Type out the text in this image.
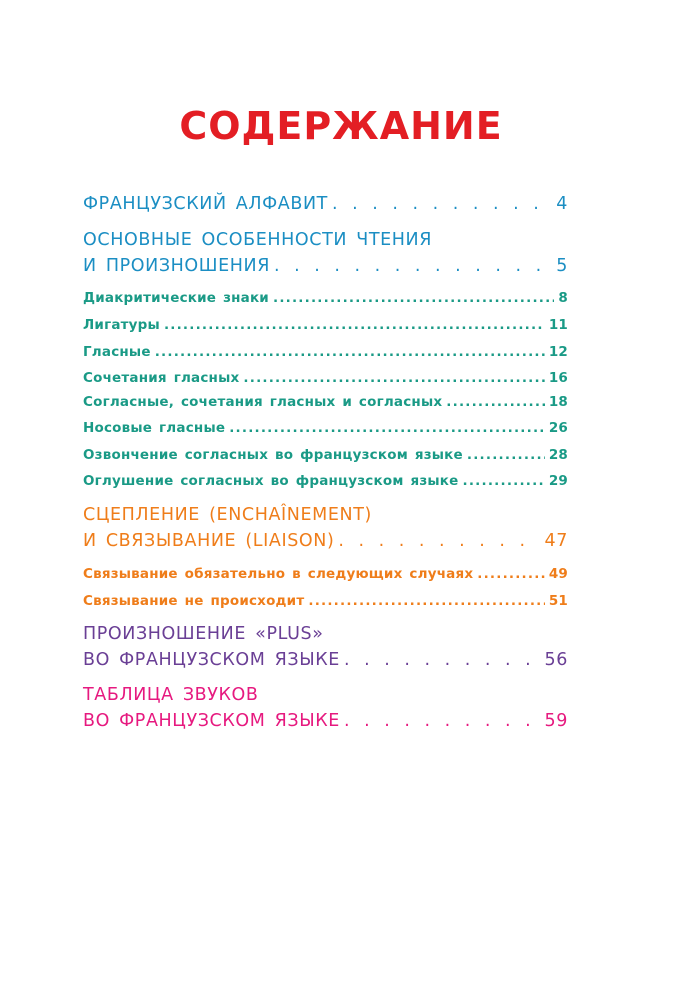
СОДЕРЖАНИЕ
ФРАНЦУЗСКИЙ АЛФАВИТ . . .	4
ОСНОВНЫЕ ОСОБЕННОСТИ ЧТЕНИЯ
И ПРОИЗНОШЕНИЯ . . .	5
Диакритические знаки .....	8
Лигатуры .....	11
Гласные .....	12
Сочетания гласных .....	16
Согласные, сочетания гласных и согласных .....	18
Носовые гласные .....	26
Озвончение согласных во французском языке .....	28
Оглушение согласных во французском языке .....	29
СЦЕПЛЕНИЕ (ENCHAÎNEMENT)
И СВЯЗЫВАНИЕ (LIAISON) . . .	47
Связывание обязательно в следующих случаях .....	49
Связывание не происходит .....	51
ПРОИЗНОШЕНИЕ «PLUS»
ВО ФРАНЦУЗСКОМ ЯЗЫКЕ . . .	56
ТАБЛИЦА ЗВУКОВ
ВО ФРАНЦУЗСКОМ ЯЗЫКЕ . . .	59
